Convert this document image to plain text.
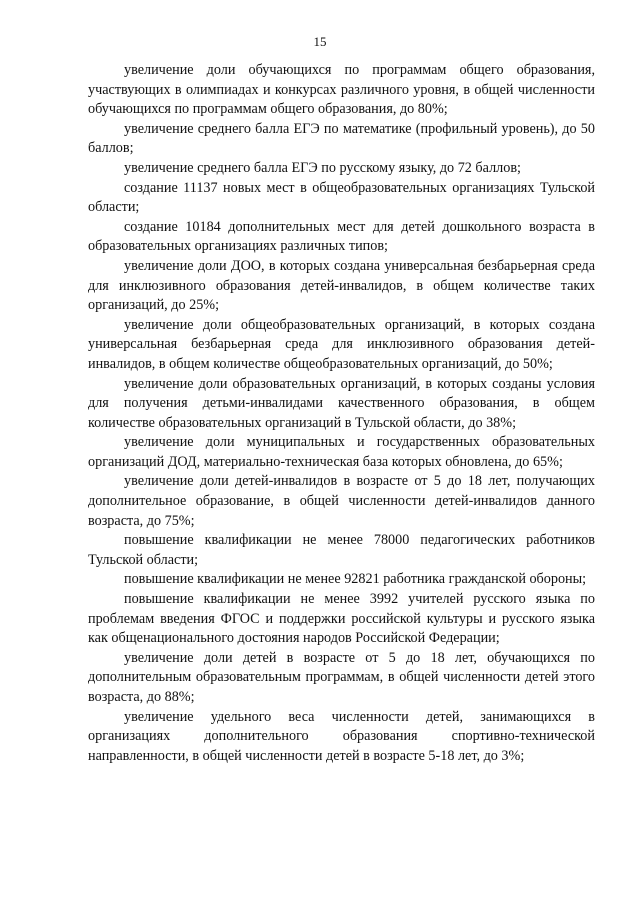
15

увеличение доли обучающихся по программам общего образования, участвующих в олимпиадах и конкурсах различного уровня, в общей численности обучающихся по программам общего образования, до 80%;

увеличение среднего балла ЕГЭ по математике (профильный уровень), до 50 баллов;

увеличение среднего балла ЕГЭ по русскому языку, до 72 баллов;

создание 11137 новых мест в общеобразовательных организациях Тульской области;

создание 10184 дополнительных мест для детей дошкольного возраста в образовательных организациях различных типов;

увеличение доли ДОО, в которых создана универсальная безбарьерная среда для инклюзивного образования детей-инвалидов, в общем количестве таких организаций, до 25%;

увеличение доли общеобразовательных организаций, в которых создана универсальная безбарьерная среда для инклюзивного образования детей-инвалидов, в общем количестве общеобразовательных организаций, до 50%;

увеличение доли образовательных организаций, в которых созданы условия для получения детьми-инвалидами качественного образования, в общем количестве образовательных организаций в Тульской области, до 38%;

увеличение доли муниципальных и государственных образовательных организаций ДОД, материально-техническая база которых обновлена, до 65%;

увеличение доли детей-инвалидов в возрасте от 5 до 18 лет, получающих дополнительное образование, в общей численности детей-инвалидов данного возраста, до 75%;

повышение квалификации не менее 78000 педагогических работников Тульской области;

повышение квалификации не менее 92821 работника гражданской обороны;

повышение квалификации не менее 3992 учителей русского языка по проблемам введения ФГОС и поддержки российской культуры и русского языка как общенационального достояния народов Российской Федерации;

увеличение доли детей в возрасте от 5 до 18 лет, обучающихся по дополнительным образовательным программам, в общей численности детей этого возраста, до 88%;

увеличение удельного веса численности детей, занимающихся в организациях дополнительного образования спортивно-технической направленности, в общей численности детей в возрасте 5-18 лет, до 3%;
